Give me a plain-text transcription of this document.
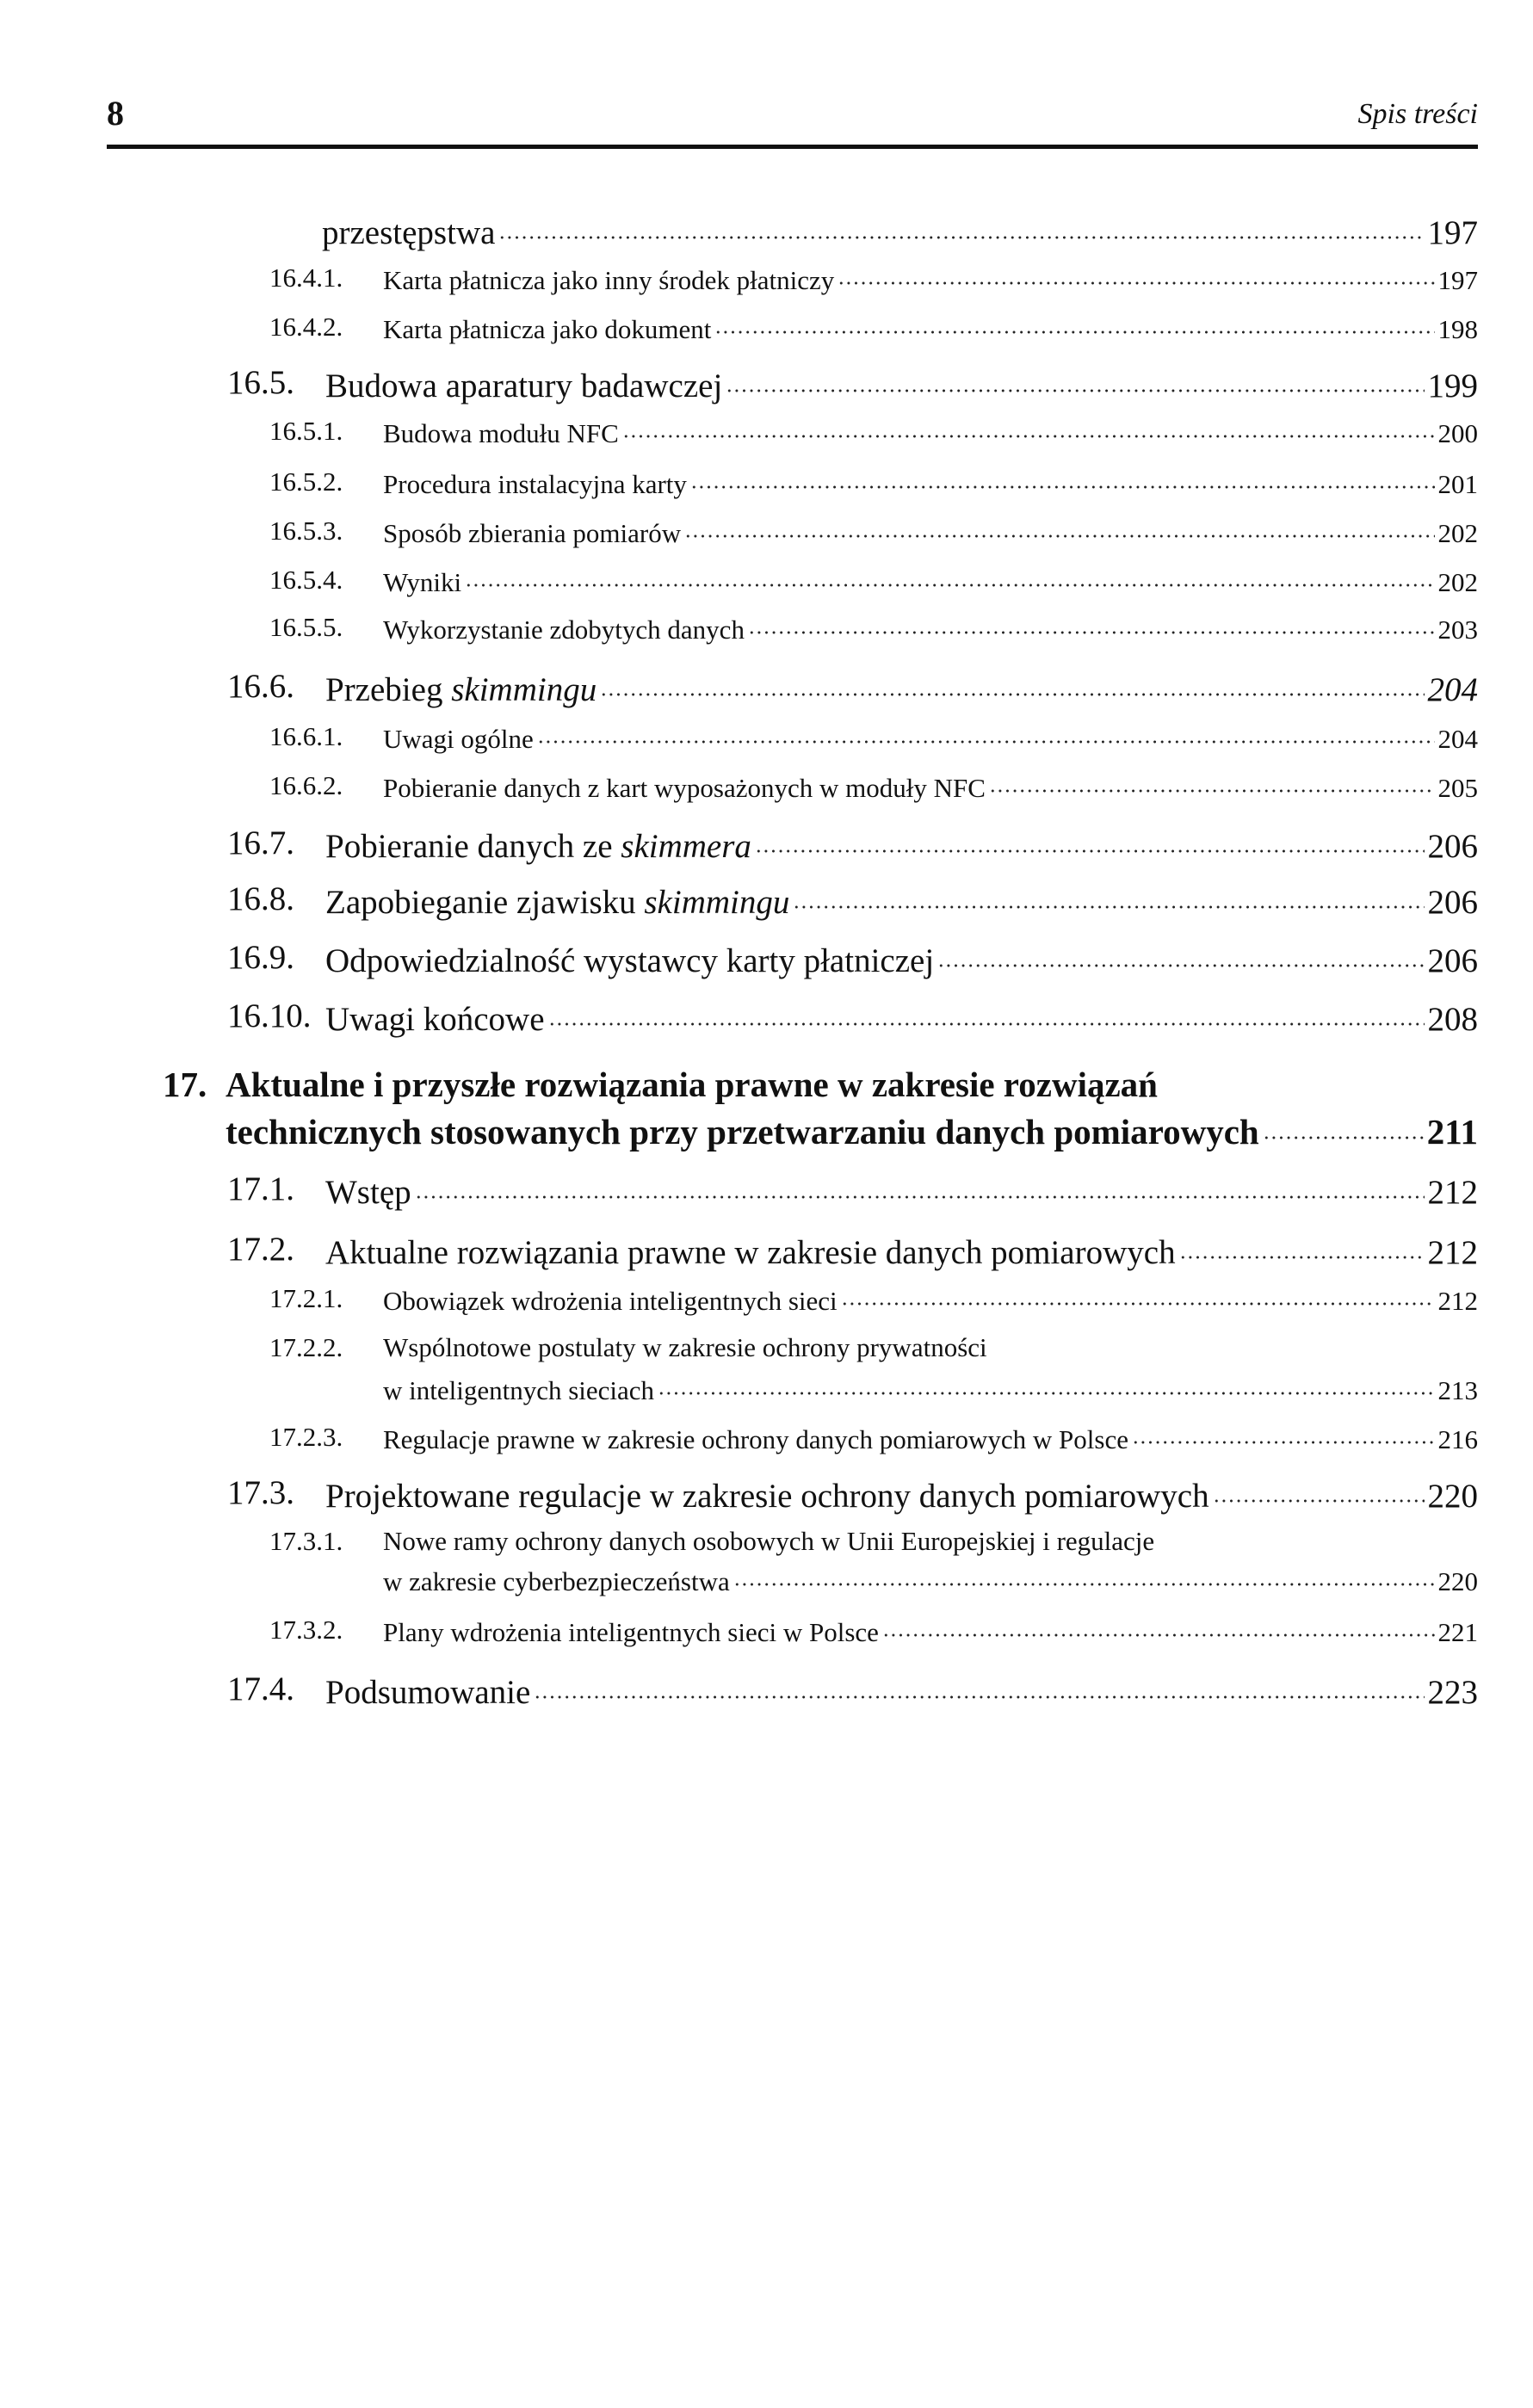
8	Spis treści
przestępstwa	197
16.4.1. Karta płatnicza jako inny środek płatniczy	197
16.4.2. Karta płatnicza jako dokument	198
16.5. Budowa aparatury badawczej	199
16.5.1. Budowa modułu NFC	200
16.5.2. Procedura instalacyjna karty	201
16.5.3. Sposób zbierania pomiarów	202
16.5.4. Wyniki	202
16.5.5. Wykorzystanie zdobytych danych	203
16.6. Przebieg skimmingu	204
16.6.1. Uwagi ogólne	204
16.6.2. Pobieranie danych z kart wyposażonych w moduły NFC	205
16.7. Pobieranie danych ze skimmera	206
16.8. Zapobieganie zjawisku skimmingu	206
16.9. Odpowiedzialność wystawcy karty płatniczej	206
16.10. Uwagi końcowe	208
17. Aktualne i przyszłe rozwiązania prawne w zakresie rozwiązań
technicznych stosowanych przy przetwarzaniu danych pomiarowych	211
17.1. Wstęp	212
17.2. Aktualne rozwiązania prawne w zakresie danych pomiarowych	212
17.2.1. Obowiązek wdrożenia inteligentnych sieci	212
17.2.2. Wspólnotowe postulaty w zakresie ochrony prywatności
w inteligentnych sieciach	213
17.2.3. Regulacje prawne w zakresie ochrony danych pomiarowych w Polsce	216
17.3. Projektowane regulacje w zakresie ochrony danych pomiarowych	220
17.3.1. Nowe ramy ochrony danych osobowych w Unii Europejskiej i regulacje
w zakresie cyberbezpieczeństwa	220
17.3.2. Plany wdrożenia inteligentnych sieci w Polsce	221
17.4. Podsumowanie	223
